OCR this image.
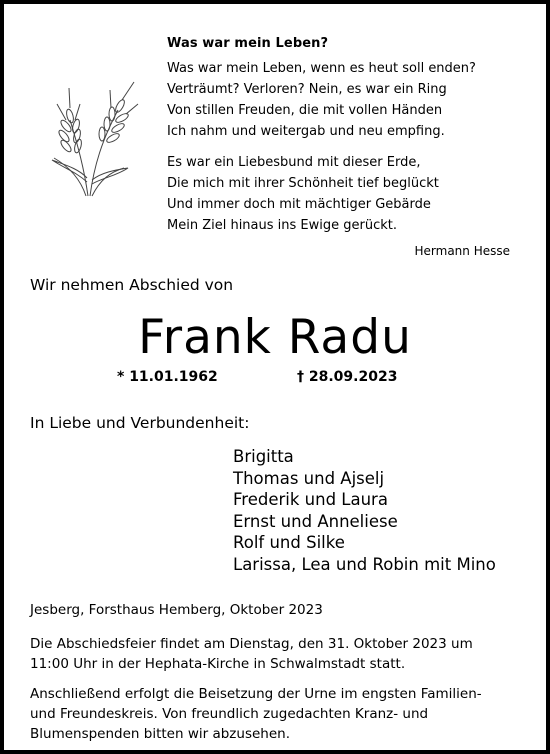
Was war mein Leben?
Was war mein Leben, wenn es heut soll enden?
Verträumt? Verloren? Nein, es war ein Ring
Von stillen Freuden, die mit vollen Händen
Ich nahm und weitergab und neu empfing.
Es war ein Liebesbund mit dieser Erde,
Die mich mit ihrer Schönheit tief beglückt
Und immer doch mit mächtiger Gebärde
Mein Ziel hinaus ins Ewige gerückt.
Hermann Hesse
Wir nehmen Abschied von
Frank Radu
* 11.01.1962	† 28.09.2023
In Liebe und Verbundenheit:
Brigitta
Thomas und Ajselj
Frederik und Laura
Ernst und Anneliese
Rolf und Silke
Larissa, Lea und Robin mit Mino
Jesberg, Forsthaus Hemberg, Oktober 2023
Die Abschiedsfeier findet am Dienstag, den 31. Oktober 2023 um
11:00 Uhr in der Hephata-Kirche in Schwalmstadt statt.
Anschließend erfolgt die Beisetzung der Urne im engsten Familien-
und Freundeskreis. Von freundlich zugedachten Kranz- und
Blumenspenden bitten wir abzusehen.
